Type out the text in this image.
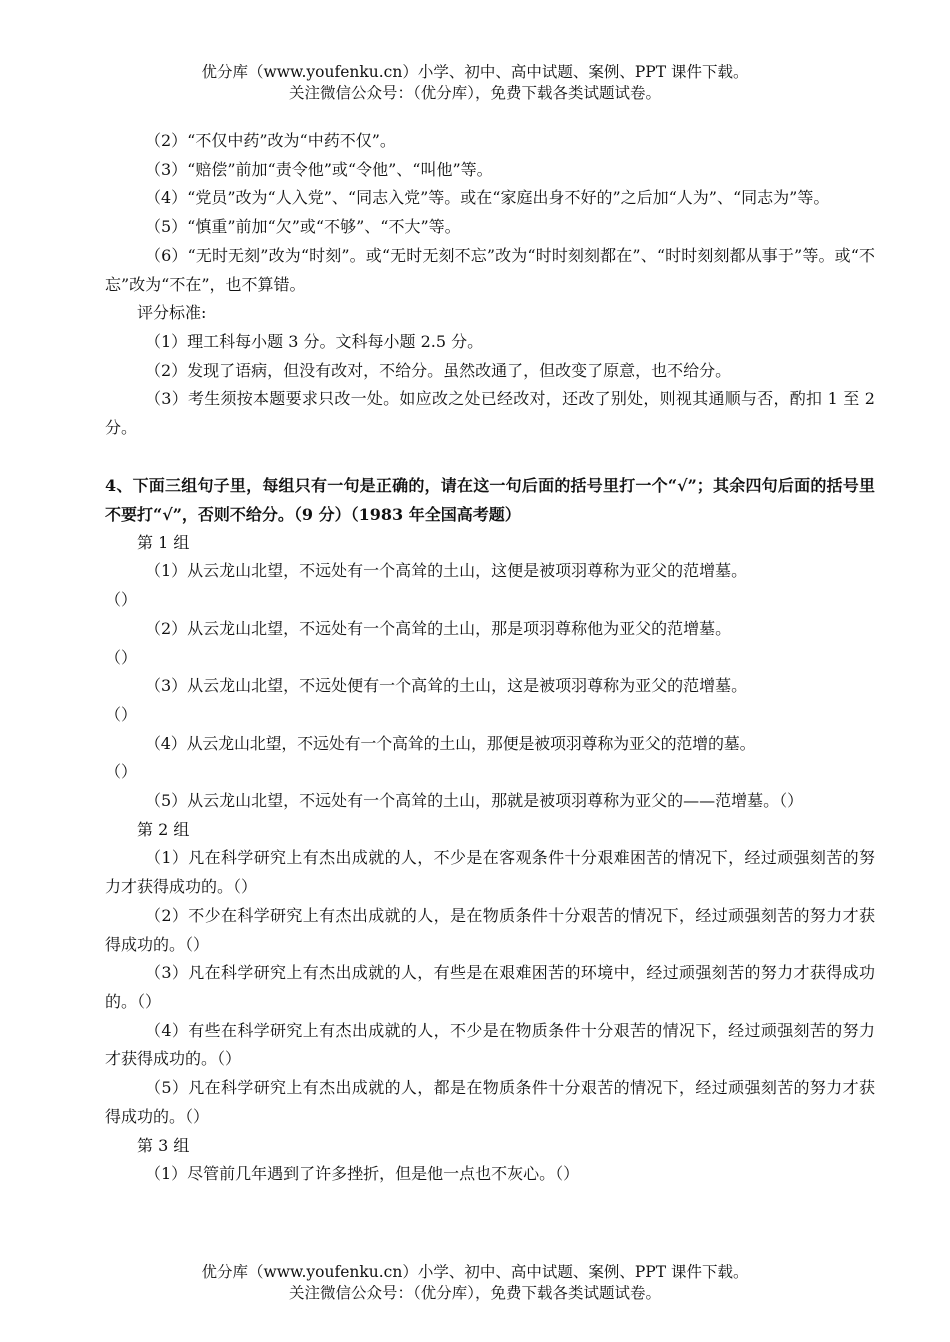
优分库（www.youfenku.cn）小学、初中、高中试题、案例、PPT 课件下载。
关注微信公众号：（优分库），免费下载各类试题试卷。

（2）“不仅中药”改为“中药不仅”。

（3）“赔偿”前加“责令他”或“令他”、“叫他”等。

（4）“党员”改为“人入党”、“同志入党”等。或在“家庭出身不好的”之后加“人为”、“同志为”等。

（5）“慎重”前加“欠”或“不够”、“不大”等。

（6）“无时无刻”改为“时刻”。或“无时无刻不忘”改为“时时刻刻都在”、“时时刻刻都从事于”等。或“不忘”改为“不在”，也不算错。

评分标准:

（1）理工科每小题 3 分。文科每小题 2.5 分。

（2）发现了语病，但没有改对，不给分。虽然改通了，但改变了原意，也不给分。

（3）考生须按本题要求只改一处。如应改之处已经改对，还改了别处，则视其通顺与否，酌扣 1 至 2 分。

4、下面三组句子里，每组只有一句是正确的，请在这一句后面的括号里打一个“√”；其余四句后面的括号里不要打“√”，否则不给分。（9 分）（1983 年全国高考题）

第 1 组

（1）从云龙山北望，不远处有一个高耸的土山，这便是被项羽尊称为亚父的范增墓。

（）

（2）从云龙山北望，不远处有一个高耸的土山，那是项羽尊称他为亚父的范增墓。

（）

（3）从云龙山北望，不远处便有一个高耸的土山，这是被项羽尊称为亚父的范增墓。

（）

（4）从云龙山北望，不远处有一个高耸的土山，那便是被项羽尊称为亚父的范增的墓。

（）

（5）从云龙山北望，不远处有一个高耸的土山，那就是被项羽尊称为亚父的——范增墓。（）

第 2 组

（1）凡在科学研究上有杰出成就的人，不少是在客观条件十分艰难困苦的情况下，经过顽强刻苦的努力才获得成功的。（）

（2）不少在科学研究上有杰出成就的人，是在物质条件十分艰苦的情况下，经过顽强刻苦的努力才获得成功的。（）

（3）凡在科学研究上有杰出成就的人，有些是在艰难困苦的环境中，经过顽强刻苦的努力才获得成功的。（）

（4）有些在科学研究上有杰出成就的人，不少是在物质条件十分艰苦的情况下，经过顽强刻苦的努力才获得成功的。（）

（5）凡在科学研究上有杰出成就的人，都是在物质条件十分艰苦的情况下，经过顽强刻苦的努力才获得成功的。（）

第 3 组

（1）尽管前几年遇到了许多挫折，但是他一点也不灰心。（）

优分库（www.youfenku.cn）小学、初中、高中试题、案例、PPT 课件下载。
关注微信公众号：（优分库），免费下载各类试题试卷。
